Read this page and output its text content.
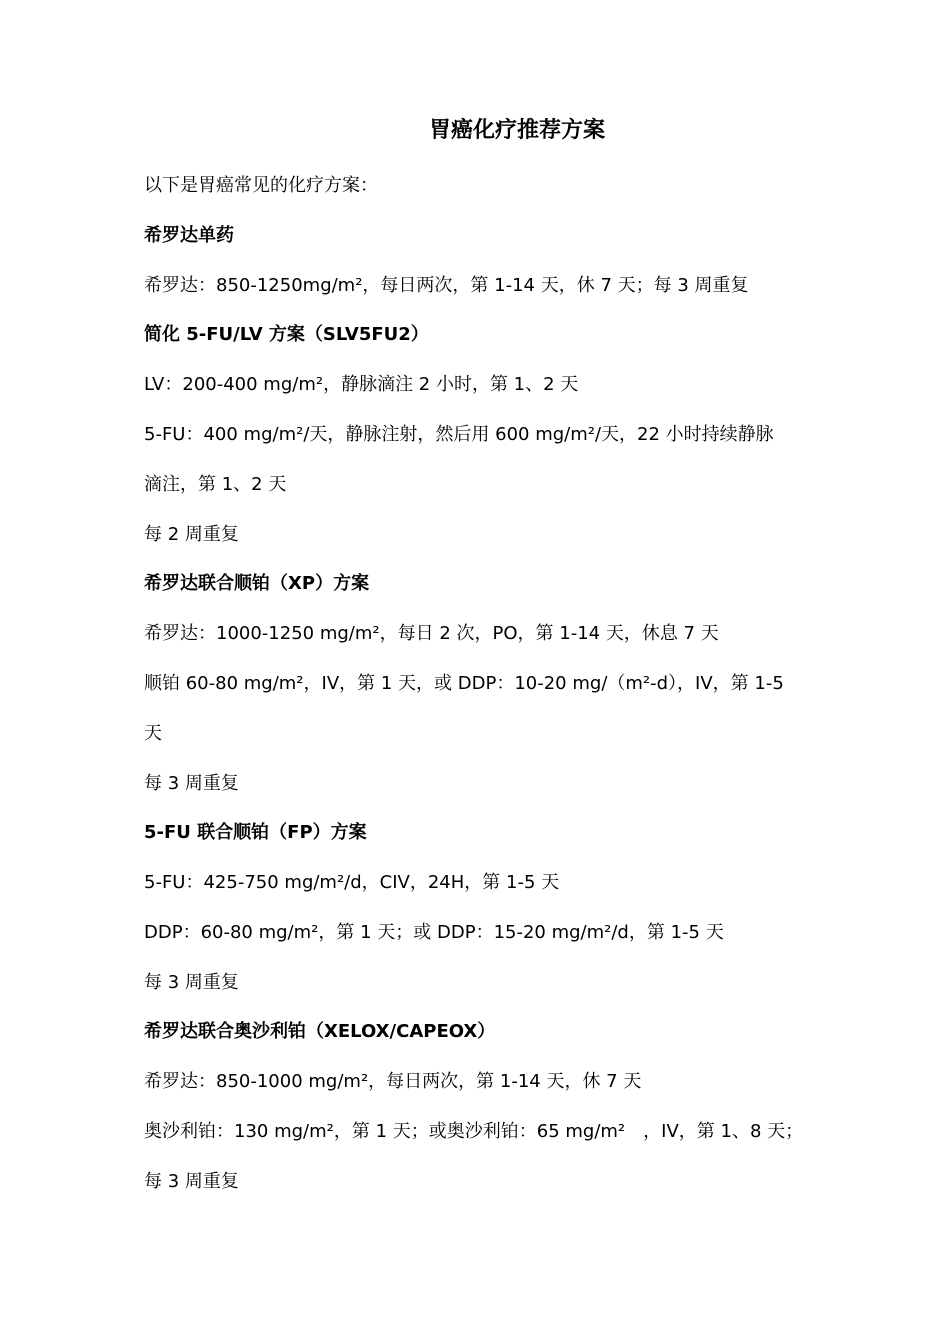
胃癌化疗推荐方案
以下是胃癌常见的化疗方案：
希罗达单药
希罗达：850-1250mg/m²，每日两次，第 1-14 天，休 7 天；每 3 周重复
简化 5-FU/LV 方案（SLV5FU2）
LV：200-400 mg/m²，静脉滴注 2 小时，第 1、2 天
5-FU：400 mg/m²/天，静脉注射，然后用 600 mg/m²/天，22 小时持续静脉
滴注，第 1、2 天
每 2 周重复
希罗达联合顺铂（XP）方案
希罗达：1000-1250 mg/m²，每日 2 次，PO，第 1-14 天，休息 7 天
顺铂 60-80 mg/m²，IV，第 1 天，或 DDP：10-20 mg/（m²-d），IV，第 1-5
天
每 3 周重复
5-FU 联合顺铂（FP）方案
5-FU：425-750 mg/m²/d，CIV，24H，第 1-5 天
DDP：60-80 mg/m²，第 1 天；或 DDP：15-20 mg/m²/d，第 1-5 天
每 3 周重复
希罗达联合奥沙利铂（XELOX/CAPEOX）
希罗达：850-1000 mg/m²，每日两次，第 1-14 天，休 7 天
奥沙利铂：130 mg/m²，第 1 天；或奥沙利铂：65 mg/m²　，IV，第 1、8 天；
每 3 周重复
